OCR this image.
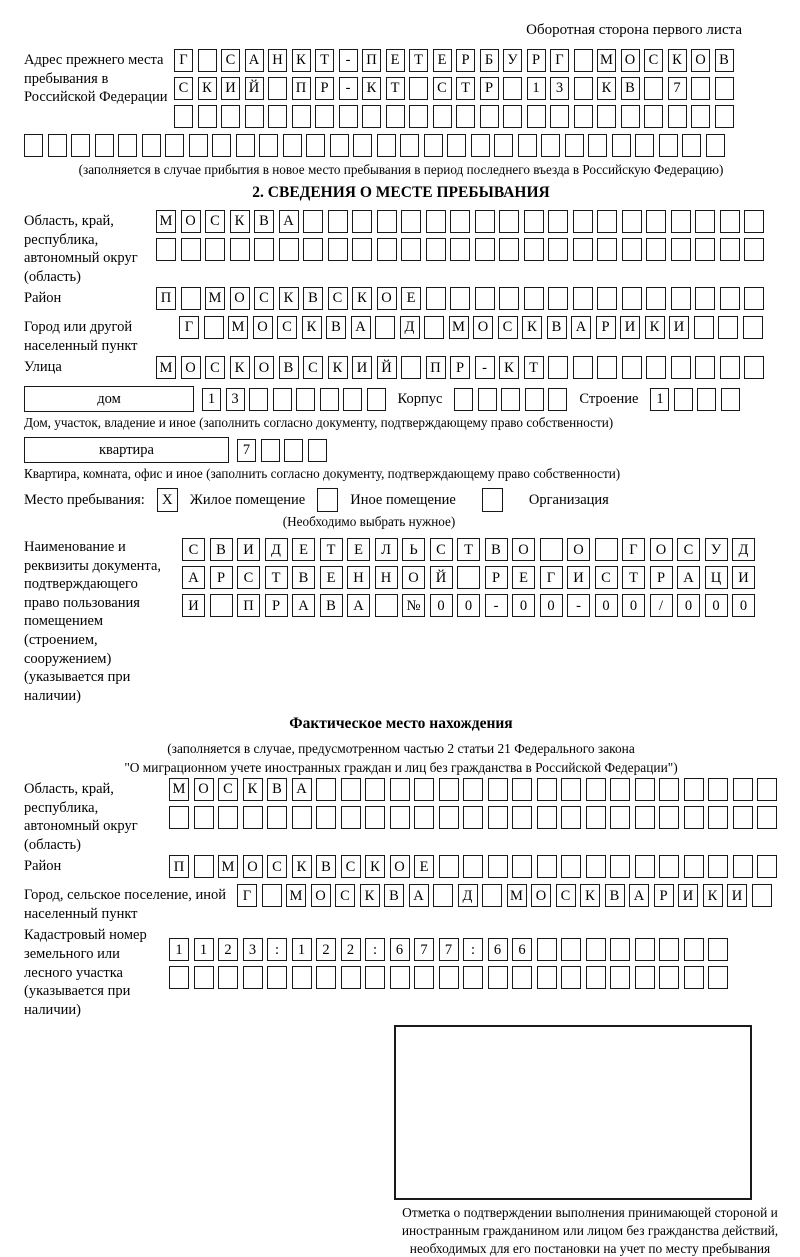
Оборотная сторона первого листа
Адрес прежнего места пребывания в Российской Федерации
Г	С А Н К Т	-	П Е	Т	Е	Р	Б У Р	Г	М О С К О В
С К И Й	П Р	-	К Т	С Т	Р	1	3	К В	7
(заполняется в случае прибытия в новое место пребывания в период последнего въезда в Российскую Федерацию)
2. СВЕДЕНИЯ О МЕСТЕ ПРЕБЫВАНИЯ
Область, край, республика, автономный округ (область)
М О С	К	В А
Район	П	М О С	К	В	С	К О	Е
Город или другой населенный пункт
Г	М О С	К	В А	Д	М О С	К	В А	Р	И К И
Улица	М О С	К О В	С	К И Й	П	Р	-	К	Т
дом	1	3	Корпус	Строение	1
Дом, участок, владение и иное (заполнить согласно документу, подтверждающему право собственности)
квартира	7
Квартира, комната, офис и иное (заполнить согласно документу, подтверждающему право собственности)
Место пребывания:	X	Жилое помещение	Иное помещение	Организация
(Необходимо выбрать нужное)
Наименование и реквизиты документа, подтверждающего право пользования помещением (строением, сооружением) (указывается при наличии)
С	В	И	Д	Е	Т	Е	Л	Ь	С	Т	В	О	О	Г	О	С	У	Д
А	Р	С	Т	В	Е	Н	Н	О	Й	Р	Е	Г	И	С	Т	Р	А	Ц	И
И	П	Р	А	В	А	№	0	0	-	0	0	-	0	0	/	0	0	0
Фактическое место нахождения
(заполняется в случае, предусмотренном частью 2 статьи 21 Федерального закона
"О миграционном учете иностранных граждан и лиц без гражданства в Российской Федерации")
Область, край, республика, автономный округ (область)
М О С	К	В А
Район	П	М О С	К	В	С	К О	Е
Город, сельское поселение, иной населенный пункт
Г	М О С	К	В А	Д	М О С	К	В А	Р	И К И
Кадастровый номер земельного или лесного участка (указывается при наличии)
1	1	2	3	:	1	2	2	:	6	7	7	:	6	6
Отметка о подтверждении выполнения принимающей стороной и иностранным гражданином или лицом без гражданства действий, необходимых для его постановки на учет по месту пребывания
